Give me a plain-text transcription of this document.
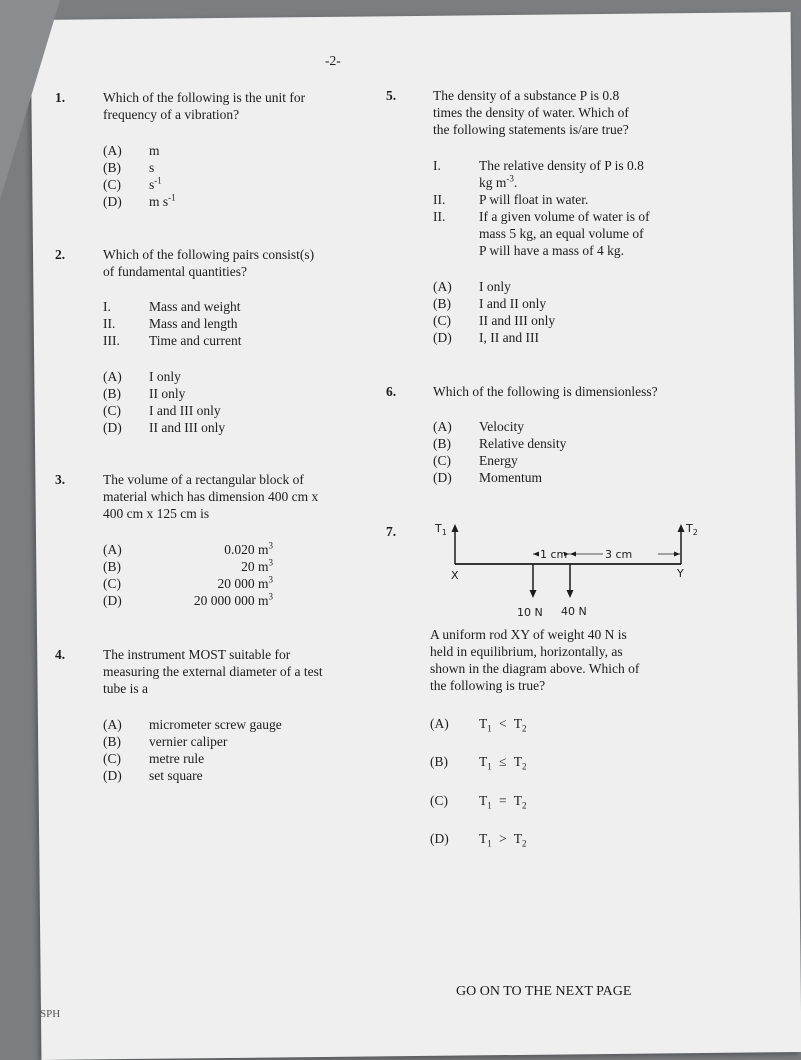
-2-
1.	Which of the following is the unit for
frequency of a vibration?
(A) m
(B) s
(C) $s^{-1}$
(D) m $s^{-1}$
2.	Which of the following pairs consist(s)
of fundamental quantities?
I.	Mass and weight
II. Mass and length
III. Time and current
(A) I only
(B) II only
(C) I and III only
(D) II and III only
3.	The volume of a rectangular block of
material which has dimension 400 cm x
400 cm x 125 cm is
(A)	0.020 $m^3$
(B)	20 $m^3$
(C)	20 000 $m^3$
(D)	20 000 000 $m^3$
4.	The instrument MOST suitable for
measuring the external diameter of a test
tube is a
(A) micrometer screw gauge
(B) vernier caliper
(C) metre rule
(D) set square
5.	The density of a substance P is 0.8
times the density of water. Which of
the following statements is/are true?
I.	The relative density of P is 0.8
kg $m^{-3}$.
II. P will float in water.
II. If a given volume of water is of
mass 5 kg, an equal volume of
P will have a mass of 4 kg.
(A) I only
(B) I and II only
(C) II and III only
(D) I, II and III
6.	Which of the following is dimensionless?
(A) Velocity
(B) Relative density
(C) Energy
(D) Momentum
7.	$T_1$	$T_2$
X	Y
1 cm	3 cm
10 N 40 N
A uniform rod XY of weight 40 N is
held in equilibrium, horizontally, as
shown in the diagram above. Which of
the following is true?
(A) $T_1 < T_2$
(B) $T_1 \le T_2$
(C) $T_1 = T_2$
(D) $T_1 > T_2$
GO ON TO THE NEXT PAGE
SPH
